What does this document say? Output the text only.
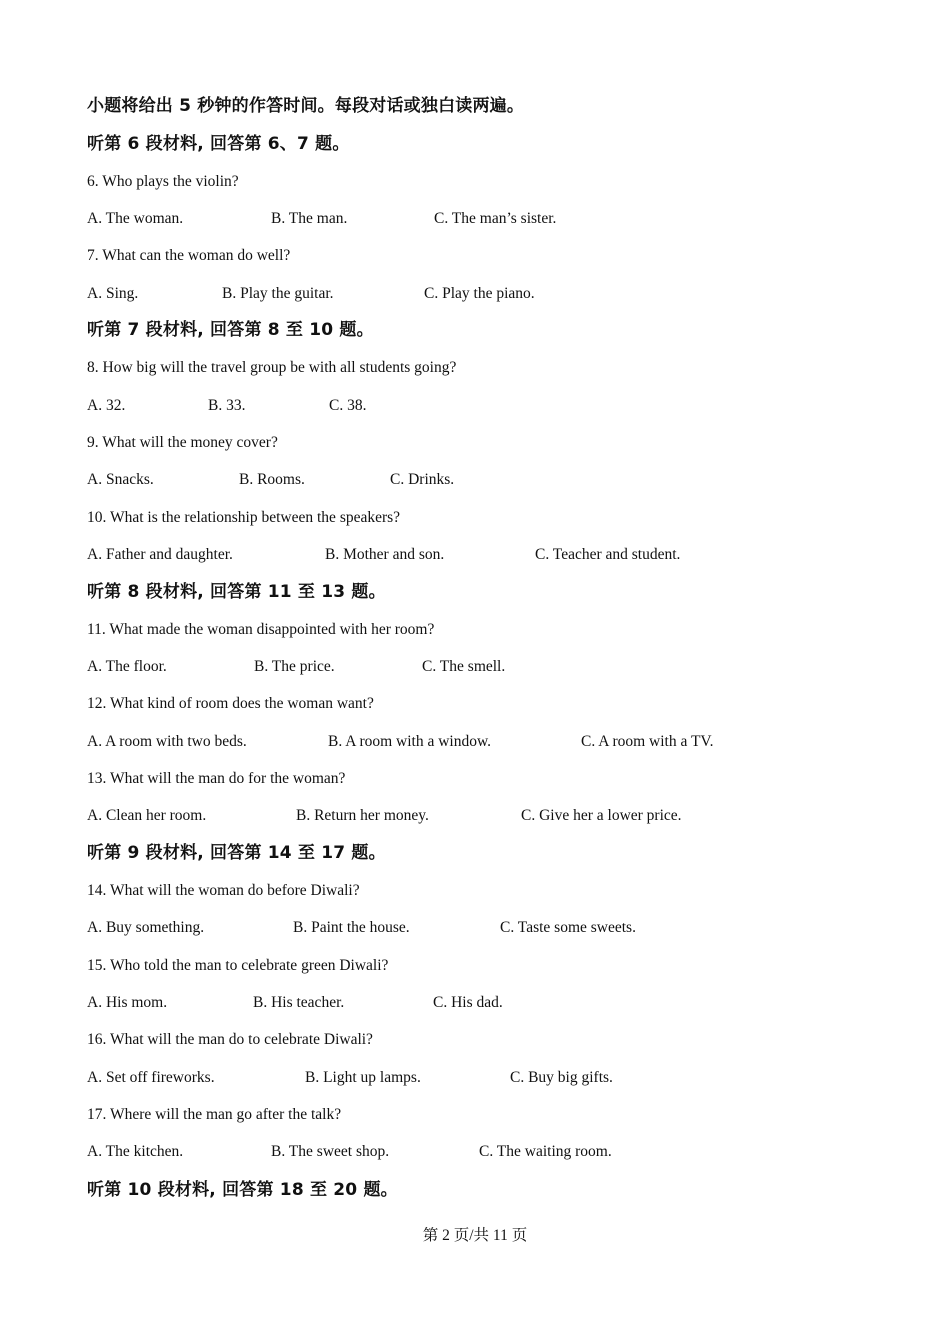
小题将给出 5 秒钟的作答时间。每段对话或独白读两遍。
听第 6 段材料, 回答第 6、7 题。
6. Who plays the violin?
A. The woman.	B. The man.	C. The man’s sister.
7. What can the woman do well?
A. Sing.	B. Play the guitar.	C. Play the piano.
听第 7 段材料, 回答第 8 至 10 题。
8. How big will the travel group be with all students going?
A. 32.	B. 33.	C. 38.
9. What will the money cover?
A. Snacks.	B. Rooms.	C. Drinks.
10. What is the relationship between the speakers?
A. Father and daughter.	B. Mother and son.	C. Teacher and student.
听第 8 段材料, 回答第 11 至 13 题。
11. What made the woman disappointed with her room?
A. The floor.	B. The price.	C. The smell.
12. What kind of room does the woman want?
A. A room with two beds.	B. A room with a window.	C. A room with a TV.
13. What will the man do for the woman?
A. Clean her room.	B. Return her money.	C. Give her a lower price.
听第 9 段材料, 回答第 14 至 17 题。
14. What will the woman do before Diwali?
A. Buy something.	B. Paint the house.	C. Taste some sweets.
15. Who told the man to celebrate green Diwali?
A. His mom.	B. His teacher.	C. His dad.
16. What will the man do to celebrate Diwali?
A. Set off fireworks.	B. Light up lamps.	C. Buy big gifts.
17. Where will the man go after the talk?
A. The kitchen.	B. The sweet shop.	C. The waiting room.
听第 10 段材料, 回答第 18 至 20 题。
第 2 页/共 11 页
